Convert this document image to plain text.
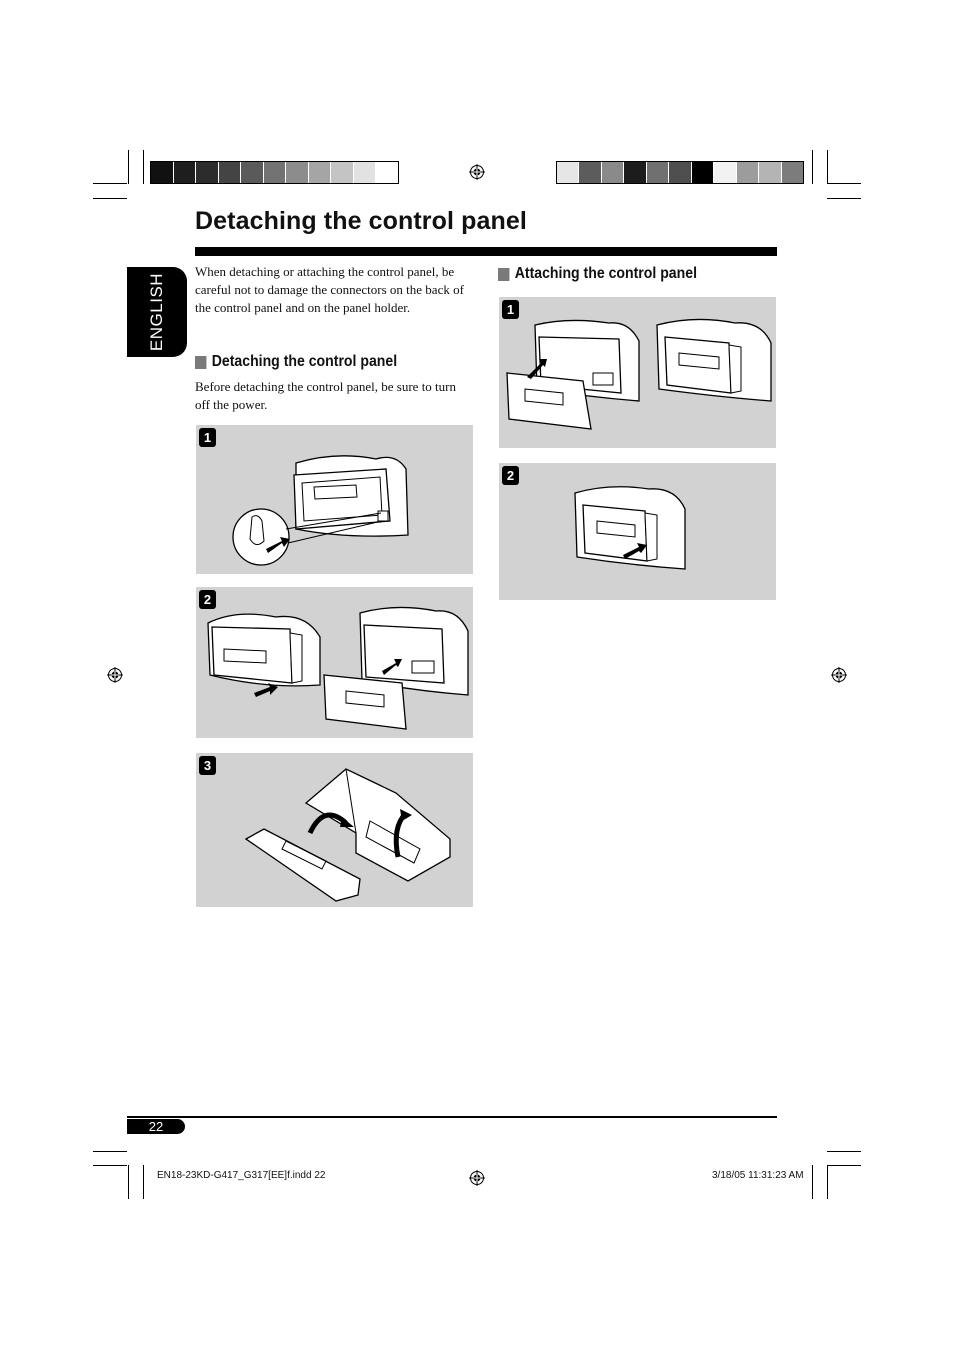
Detaching the control panel
ENGLISH
When detaching or attaching the control panel, be careful not to damage the connectors on the back of the control panel and on the panel holder.
Detaching the control panel
Before detaching the control panel, be sure to turn off the power.
1
2
3
Attaching the control panel
1
2
22
EN18-23KD-G417_G317[EE]f.indd 22	3/18/05 11:31:23 AM
